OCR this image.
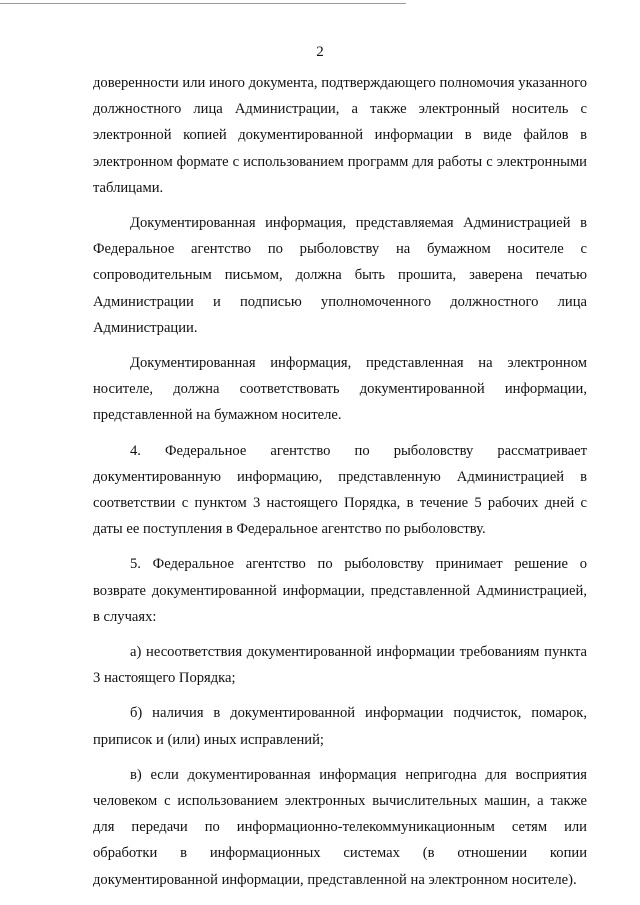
2

доверенности или иного документа, подтверждающего полномочия указанного должностного лица Администрации, а также электронный носитель с электронной копией документированной информации в виде файлов в электронном формате с использованием программ для работы с электронными таблицами.

Документированная информация, представляемая Администрацией в Федеральное агентство по рыболовству на бумажном носителе с сопроводительным письмом, должна быть прошита, заверена печатью Администрации и подписью уполномоченного должностного лица Администрации.

Документированная информация, представленная на электронном носителе, должна соответствовать документированной информации, представленной на бумажном носителе.

4. Федеральное агентство по рыболовству рассматривает документированную информацию, представленную Администрацией в соответствии с пунктом 3 настоящего Порядка, в течение 5 рабочих дней с даты ее поступления в Федеральное агентство по рыболовству.

5. Федеральное агентство по рыболовству принимает решение о возврате документированной информации, представленной Администрацией, в случаях:

а) несоответствия документированной информации требованиям пункта 3 настоящего Порядка;

б) наличия в документированной информации подчисток, помарок, приписок и (или) иных исправлений;

в) если документированная информация непригодна для восприятия человеком с использованием электронных вычислительных машин, а также для передачи по информационно-телекоммуникационным сетям или обработки в информационных системах (в отношении копии документированной информации, представленной на электронном носителе).
